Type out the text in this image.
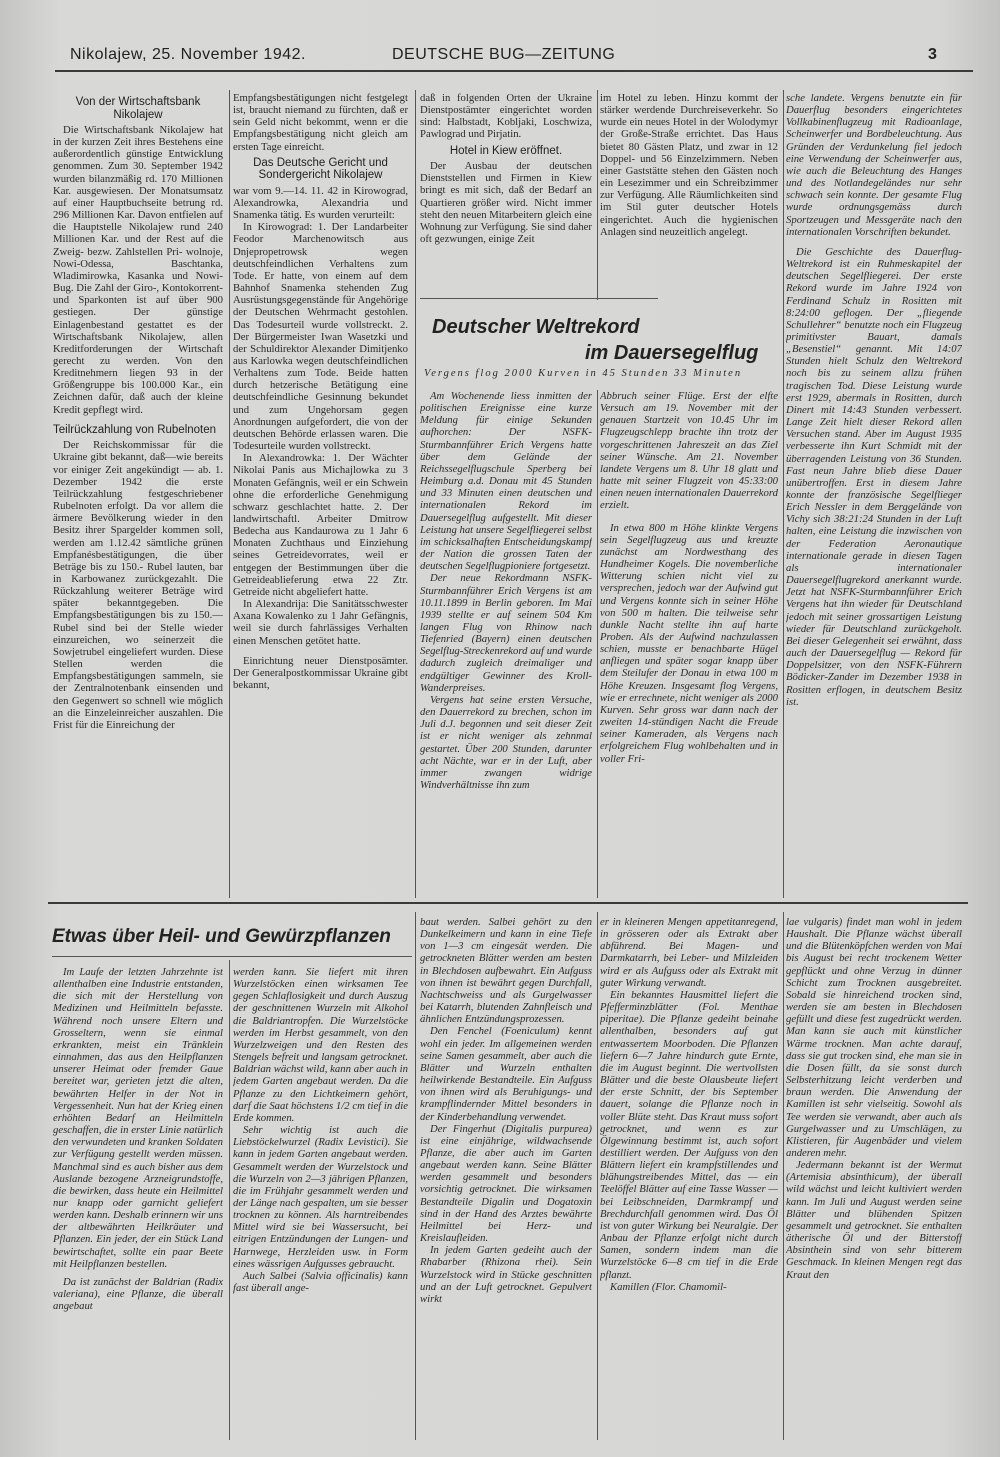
Nikolajew, 25. November 1942.	DEUTSCHE BUG—ZEITUNG	3
Von der Wirtschaftsbank Nikolajew

Die Wirtschaftsbank Nikolajew hat in der kurzen Zeit ihres Bestehens eine außerordentlich günstige Entwicklung genommen. Zum 30. September 1942 wurden bilanzmäßig rd. 170 Millionen Kar. ausgewiesen. Der Monatsumsatz auf einer Hauptbuchseite betrung rd. 296 Millionen Kar. Davon entfielen auf die Hauptstelle Nikolajew rund 240 Millionen Kar. und der Rest auf die Zweig- bezw. Zahlstellen Pri- wolnoje, Nowi-Odessa, Baschtanka, Wladimirowka, Kasanka und Nowi-Bug. Die Zahl der Giro-, Kontokorrent- und Sparkonten ist auf über 900 gestiegen. Der günstige Einlagenbestand gestattet es der Wirtschaftsbank Nikolajew, allen Kreditforderungen der Wirtschaft gerecht zu werden. Von den Kreditnehmern liegen 93 in der Größengruppe bis 100.000 Kar., ein Zeichnen dafür, daß auch der kleine Kredit gepflegt wird.

Teilrückzahlung von Rubelnoten

Der Reichskommissar für die Ukraine gibt bekannt, daß—wie bereits vor einiger Zeit angekündigt — ab. 1. Dezember 1942 die erste Teilrückzahlung festgeschriebener Rubelnoten erfolgt. Da vor allem die ärmere Bevölkerung wieder in den Besitz ihrer Spargelder kommen soll, werden am 1.12.42 sämtliche grünen Empfanésbestätigungen, die über Beträge bis zu 150.- Rubel lauten, bar in Karbowanez zurückgezahlt. Die Rückzahlung weiterer Beträge wird später bekanntgegeben. Die Empfangsbestätigungen bis zu 150.— Rubel sind bei der Stelle wieder einzureichen, wo seinerzeit die Sowjetrubel eingeliefert wurden. Diese Stellen werden die Empfangsbestätigungen sammeln, sie der Zentralnotenbank einsenden und den Gegenwert so schnell wie möglich an die Einzeleinreicher auszahlen. Die Frist für die Einreichung der

Empfangsbestätigungen nicht festgelegt ist, braucht niemand zu fürchten, daß er sein Geld nicht bekommt, wenn er die Empfangsbestätigung nicht gleich am ersten Tage einreicht.

Das Deutsche Gericht und Sondergericht Nikolajew

war vom 9.—14. 11. 42 in Kirowograd, Alexandrowka, Alexandria und Snamenka tätig. Es wurden verurteilt:

In Kirowograd: 1. Der Landarbeiter Feodor Marchenowitsch aus Dnjepropetrowsk wegen deutschfeindlichen Verhaltens zum Tode. Er hatte, von einem auf dem Bahnhof Snamenka stehenden Zug Ausrüstungsgegenstände für Angehörige der Deutschen Wehrmacht gestohlen. Das Todesurteil wurde vollstreckt. 2. Der Bürgermeister Iwan Wasetzki und der Schuldirektor Alexander Dimitjenko aus Karlowka wegen deutschfeindlichen Verhaltens zum Tode. Beide hatten durch hetzerische Betätigung eine deutschfeindliche Gesinnung bekundet und zum Ungehorsam gegen Anordnungen aufgefordert, die von der deutschen Behörde erlassen waren. Die Todesurteile wurden vollstreckt.

In Alexandrowka: 1. Der Wächter Nikolai Panis aus Michajlowka zu 3 Monaten Gefängnis, weil er ein Schwein ohne die erforderliche Genehmigung schwarz geschlachtet hatte. 2. Der landwirtschaftl. Arbeiter Dmitrow Bedecha aus Kandaurowa zu 1 Jahr 6 Monaten Zuchthaus und Einziehung seines Getreidevorrates, weil er entgegen der Bestimmungen über die Getreideablieferung etwa 22 Ztr. Getreide nicht abgeliefert hatte.

In Alexandrija: Die Sanitätsschwester Axana Kowalenko zu 1 Jahr Gefängnis, weil sie durch fahrlässiges Verhalten einen Menschen getötet hatte.

Einrichtung neuer Dienstposämter. Der Generalpostkommissar Ukraine gibt bekannt,

daß in folgenden Orten der Ukraine Dienstpostämter eingerichtet worden sind: Halbstadt, Kobljaki, Loschwiza, Pawlograd und Pirjatin.

Hotel in Kiew eröffnet.

Der Ausbau der deutschen Dienststellen und Firmen in Kiew bringt es mit sich, daß der Bedarf an Quartieren größer wird. Nicht immer steht den neuen Mitarbeitern gleich eine Wohnung zur Verfügung. Sie sind daher oft gezwungen, einige Zeit

im Hotel zu leben. Hinzu kommt der stärker werdende Durchreiseverkehr. So wurde ein neues Hotel in der Wolodymyr der Große-Straße errichtet. Das Haus bietet 80 Gästen Platz, und zwar in 12 Doppel- und 56 Einzelzimmern. Neben einer Gaststätte stehen den Gästen noch ein Lesezimmer und ein Schreibzimmer zur Verfügung. Alle Räumlichkeiten sind im Stil guter deutscher Hotels eingerichtet. Auch die hygienischen Anlagen sind neuzeitlich angelegt.

Deutscher Weltrekord
im Dauersegelflug
Vergens flog 2000 Kurven in 45 Stunden 33 Minuten

Am Wochenende liess inmitten der politischen Ereignisse eine kurze Meldung für einige Sekunden aufhorchen: Der NSFK-Sturmbannführer Erich Vergens hatte über dem Gelände der Reichssegelflugschule Sperberg bei Heimburg a.d. Donau mit 45 Stunden und 33 Minuten einen deutschen und internationalen Rekord im Dauersegelflug aufgestellt. Mit dieser Leistung hat unsere Segelfliegerei selbst im schicksalhaften Entscheidungskampf der Nation die grossen Taten der deutschen Segelflugpioniere fortgesetzt.

Der neue Rekordmann NSFK-Sturmbannführer Erich Vergens ist am 10.11.1899 in Berlin geboren. Im Mai 1939 stellte er auf seinem 504 Km langen Flug von Rhinow nach Tiefenried (Bayern) einen deutschen Segelflug-Streckenrekord auf und wurde dadurch zugleich dreimaliger und endgültiger Gewinner des Kroll-Wanderpreises.

Vergens hat seine ersten Versuche, den Dauerrekord zu brechen, schon im Juli d.J. begonnen und seit dieser Zeit ist er nicht weniger als zehnmal gestartet. Über 200 Stunden, darunter acht Nächte, war er in der Luft, aber immer zwangen widrige Windverhältnisse ihn zum

Abbruch seiner Flüge. Erst der elfte Versuch am 19. November mit der genauen Startzeit von 10.45 Uhr im Flugzeugschlepp brachte ihn trotz der vorgeschrittenen Jahreszeit an das Ziel seiner Wünsche. Am 21. November landete Vergens um 8. Uhr 18 glatt und hatte mit seiner Flugzeit von 45:33:00 einen neuen internationalen Dauerrekord erzielt.

In etwa 800 m Höhe klinkte Vergens sein Segelflugzeug aus und kreuzte zunächst am Nordwesthang des Hundheimer Kogels. Die novemberliche Witterung schien nicht viel zu versprechen, jedoch war der Aufwind gut und Vergens konnte sich in seiner Höhe von 500 m halten. Die teilweise sehr dunkle Nacht stellte ihn auf harte Proben. Als der Aufwind nachzulassen schien, musste er benachbarte Hügel anfliegen und später sogar knapp über dem Steilufer der Donau in etwa 100 m Höhe Kreuzen. Insgesamt flog Vergens, wie er errechnete, nicht weniger als 2000 Kurven. Sehr gross war dann nach der zweiten 14-stündigen Nacht die Freude seiner Kameraden, als Vergens nach erfolgreichem Flug wohlbehalten und in voller Fri-

sche landete. Vergens benutzte ein für Dauerflug besonders eingerichtetes Vollkabinenflugzeug mit Radioanlage, Scheinwerfer und Bordbeleuchtung. Aus Gründen der Verdunkelung fiel jedoch eine Verwendung der Scheinwerfer aus, wie auch die Beleuchtung des Hanges und des Notlandegeländes nur sehr schwach sein konnte. Der gesamte Flug wurde ordnungsgemäss durch Sportzeugen und Messgeräte nach den internationalen Vorschriften bekundet.

Die Geschichte des Dauerflug-Weltrekord ist ein Ruhmeskapitel der deutschen Segelfliegerei. Der erste Rekord wurde im Jahre 1924 von Ferdinand Schulz in Rositten mit 8:24:00 geflogen. Der „fliegende Schullehrer“ benutzte noch ein Flugzeug primitivster Bauart, damals „Besenstiel“ genannt. Mit 14:07 Stunden hielt Schulz den Weltrekord noch bis zu seinem allzu frühen tragischen Tod. Diese Leistung wurde erst 1929, abermals in Rositten, durch Dinert mit 14:43 Stunden verbessert. Lange Zeit hielt dieser Rekord allen Versuchen stand. Aber im August 1935 verbesserte ihn Kurt Schmidt mit der überragenden Leistung von 36 Stunden. Fast neun Jahre blieb diese Dauer unübertroffen. Erst in diesem Jahre konnte der französische Segelflieger Erich Nessler in dem Berggelände von Vichy sich 38:21:24 Stunden in der Luft halten, eine Leistung die inzwischen von der Federation Aeronautique internationale gerade in diesen Tagen als internationaler Dauersegelflugrekord anerkannt wurde. Jetzt hat NSFK-Sturmbannführer Erich Vergens hat ihn wieder für Deutschland jedoch mit seiner grossartigen Leistung wieder für Deutschland zurückgeholt. Bei dieser Gelegenheit sei erwähnt, dass auch der Dauersegelflug — Rekord für Doppelsitzer, von den NSFK-Führern Bödicker-Zander im Dezember 1938 in Rositten erflogen, in deutschem Besitz ist.

Etwas über Heil- und Gewürzpflanzen

Im Laufe der letzten Jahrzehnte ist allenthalben eine Industrie entstanden, die sich mit der Herstellung von Medizinen und Heilmitteln befasste. Während noch unsere Eltern und Grosseltern, wenn sie einmal erkrankten, meist ein Tränklein einnahmen, das aus den Heilpflanzen unserer Heimat oder fremder Gaue bereitet war, gerieten jetzt die alten, bewährten Helfer in der Not in Vergessenheit. Nun hat der Krieg einen erhöhten Bedarf an Heilmitteln geschaffen, die in erster Linie natürlich den verwundeten und kranken Soldaten zur Verfügung gestellt werden müssen. Manchmal sind es auch bisher aus dem Auslande bezogene Arzneigrundstoffe, die bewirken, dass heute ein Heilmittel nur knapp oder garnicht geliefert werden kann. Deshalb erinnern wir uns der altbewährten Heilkräuter und Pflanzen. Ein jeder, der ein Stück Land bewirtschaftet, sollte ein paar Beete mit Heilpflanzen bestellen.

Da ist zunächst der Baldrian (Radix valeriana), eine Pflanze, die überall angebaut

werden kann. Sie liefert mit ihren Wurzelstöcken einen wirksamen Tee gegen Schlaflosigkeit und durch Auszug der geschnittenen Wurzeln mit Alkohol die Baldriantropfen. Die Wurzelstöcke werden im Herbst gesammelt, von den Wurzelzweigen und den Resten des Stengels befreit und langsam getrocknet. Baldrian wächst wild, kann aber auch in jedem Garten angebaut werden. Da die Pflanze zu den Lichtkeimern gehört, darf die Saat höchstens 1/2 cm tief in die Erde kommen.

Sehr wichtig ist auch die Liebstöckelwurzel (Radix Levistici). Sie kann in jedem Garten angebaut werden. Gesammelt werden der Wurzelstock und die Wurzeln von 2—3 jährigen Pflanzen, die im Frühjahr gesammelt werden und der Länge nach gespalten, um sie besser trocknen zu können. Als harntreibendes Mittel wird sie bei Wassersucht, bei eitrigen Entzündungen der Lungen- und Harnwege, Herzleiden usw. in Form eines wässrigen Aufgusses gebraucht.

Auch Salbei (Salvia officinalis) kann fast überall ange-

baut werden. Salbei gehört zu den Dunkelkeimern und kann in eine Tiefe von 1—3 cm eingesät werden. Die getrockneten Blätter werden am besten in Blechdosen aufbewahrt. Ein Aufguss von ihnen ist bewährt gegen Durchfall, Nachtschweiss und als Gurgelwasser bei Katarrh, blutenden Zahnfleisch und ähnlichen Entzündungsprozessen.

Den Fenchel (Foeniculum) kennt wohl ein jeder. Im allgemeinen werden seine Samen gesammelt, aber auch die Blätter und Wurzeln enthalten heilwirkende Bestandteile. Ein Aufguss von ihnen wird als Beruhigungs- und krampflindernder Mittel besonders in der Kinderbehandlung verwendet.

Der Fingerhut (Digitalis purpurea) ist eine einjährige, wildwachsende Pflanze, die aber auch im Garten angebaut werden kann. Seine Blätter werden gesammelt und besonders vorsichtig getrocknet. Die wirksamen Bestandteile Digalin und Dogatoxin sind in der Hand des Arztes bewährte Heilmittel bei Herz- und Kreislaufleiden.

In jedem Garten gedeiht auch der Rhabarber (Rhizona rhei). Sein Wurzelstock wird in Stücke geschnitten und an der Luft getrocknet. Gepulvert wirkt

er in kleineren Mengen appetitanregend, in grösseren oder als Extrakt aber abführend. Bei Magen- und Darmkatarrh, bei Leber- und Milzleiden wird er als Aufguss oder als Extrakt mit guter Wirkung verwandt.

Ein bekanntes Hausmittel liefert die Pfefferminzblätter (Fol. Menthae piperitae). Die Pflanze gedeiht beinahe allenthalben, besonders auf gut entwassertem Moorboden. Die Pflanzen liefern 6—7 Jahre hindurch gute Ernte, die im August beginnt. Die wertvollsten Blätter und die beste Olausbeute liefert der erste Schnitt, der bis September dauert, solange die Pflanze noch in voller Blüte steht. Das Kraut muss sofort getrocknet, und wenn es zur Ölgewinnung bestimmt ist, auch sofort destilliert werden. Der Aufguss von den Blättern liefert ein krampfstillendes und blähungstreibendes Mittel, das — ein Teelöffel Blätter auf eine Tasse Wasser — bei Leibschneiden, Darmkrampf und Brechdurchfall genommen wird. Das Öl ist von guter Wirkung bei Neuralgie. Der Anbau der Pflanze erfolgt nicht durch Samen, sondern indem man die Wurzelstöcke 6—8 cm tief in die Erde pflanzt.

Kamillen (Flor. Chamomil-

lae vulgaris) findet man wohl in jedem Haushalt. Die Pflanze wächst überall und die Blütenköpfchen werden von Mai bis August bei recht trockenem Wetter gepflückt und ohne Verzug in dünner Schicht zum Trocknen ausgebreitet. Sobald sie hinreichend trocken sind, werden sie am besten in Blechdosen gefüllt und diese fest zugedrückt werden. Man kann sie auch mit künstlicher Wärme trocknen. Man achte darauf, dass sie gut trocken sind, ehe man sie in die Dosen füllt, da sie sonst durch Selbsterhitzung leicht verderben und braun werden. Die Anwendung der Kamillen ist sehr vielseitig. Sowohl als Tee werden sie verwandt, aber auch als Gurgelwasser und zu Umschlägen, zu Klistieren, für Augenbäder und vielem anderen mehr.

Jedermann bekannt ist der Wermut (Artemisia absinthicum), der überall wild wächst und leicht kultiviert werden kann. Im Juli und August werden seine Blätter und blühenden Spitzen gesammelt und getrocknet. Sie enthalten ätherische Öl und der Bitterstoff Absinthein sind von sehr bitterem Geschmack. In kleinen Mengen regt das Kraut den
